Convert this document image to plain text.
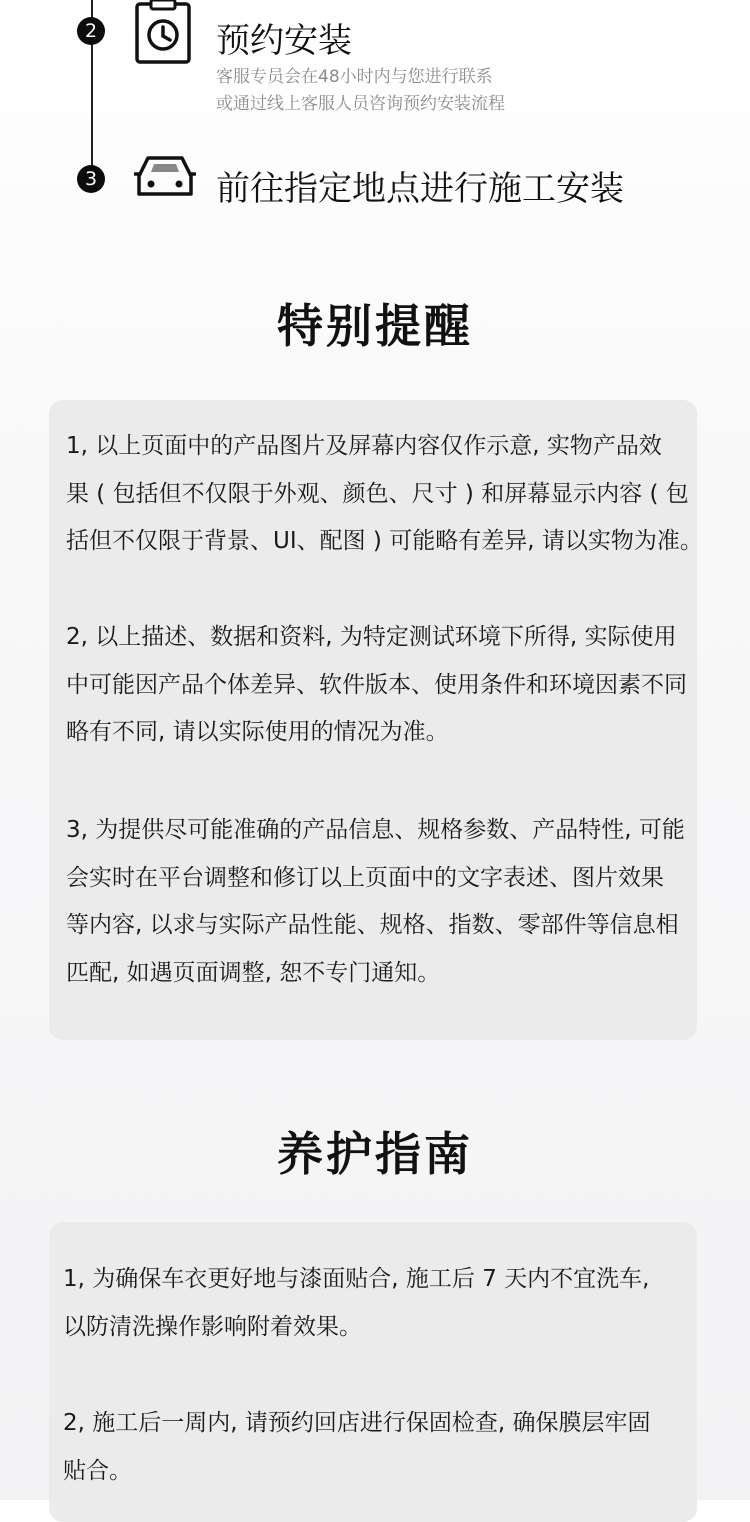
2	预约安装
客服专员会在48小时内与您进行联系
或通过线上客服人员咨询预约安装流程
3	前往指定地点进行施工安装
特别提醒
1, 以上页面中的产品图片及屏幕内容仅作示意, 实物产品效
果 ( 包括但不仅限于外观、颜色、尺寸 ) 和屏幕显示内容 ( 包
括但不仅限于背景、UI、配图 ) 可能略有差异, 请以实物为准。
2, 以上描述、数据和资料, 为特定测试环境下所得, 实际使用
中可能因产品个体差异、软件版本、使用条件和环境因素不同
略有不同, 请以实际使用的情况为准。
3, 为提供尽可能准确的产品信息、规格参数、产品特性, 可能
会实时在平台调整和修订以上页面中的文字表述、图片效果
等内容, 以求与实际产品性能、规格、指数、零部件等信息相
匹配, 如遇页面调整, 恕不专门通知。
养护指南
1, 为确保车衣更好地与漆面贴合, 施工后 7 天内不宜洗车,
以防清洗操作影响附着效果。
2, 施工后一周内, 请预约回店进行保固检查, 确保膜层牢固
贴合。
